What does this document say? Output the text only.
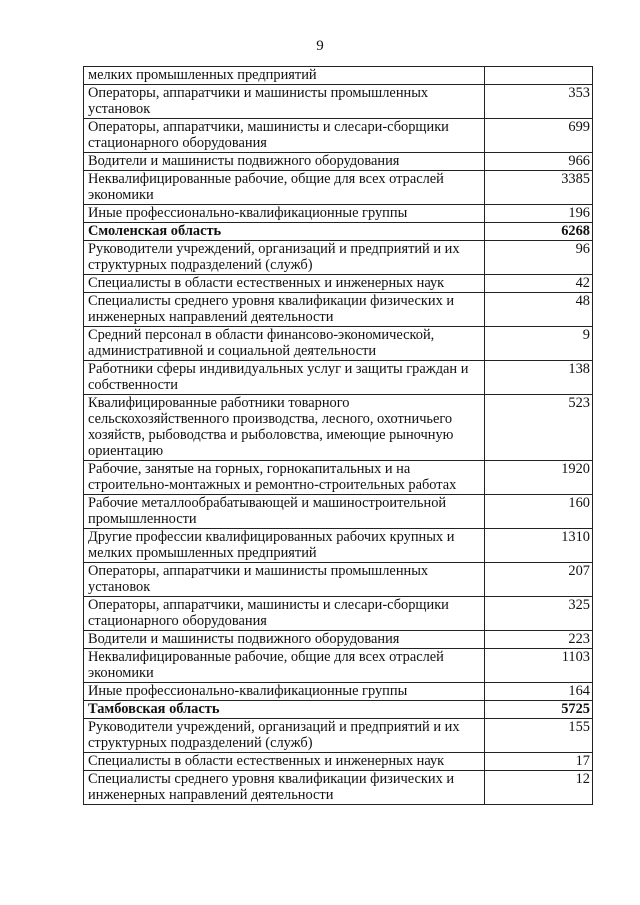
9
мелких промышленных предприятий	
Операторы, аппаратчики и машинисты промышленных установок	353
Операторы, аппаратчики, машинисты и слесари-сборщики стационарного оборудования	699
Водители и машинисты подвижного оборудования	966
Неквалифицированные рабочие, общие для всех отраслей экономики	3385
Иные профессионально-квалификационные группы	196
Смоленская область	6268
Руководители учреждений, организаций и предприятий и их структурных подразделений (служб)	96
Специалисты в области естественных и инженерных наук	42
Специалисты среднего уровня квалификации физических и инженерных направлений деятельности	48
Средний персонал в области финансово-экономической, административной и социальной деятельности	9
Работники сферы индивидуальных услуг и защиты граждан и собственности	138
Квалифицированные работники товарного сельскохозяйственного производства, лесного, охотничьего хозяйств, рыбоводства и рыболовства, имеющие рыночную ориентацию	523
Рабочие, занятые на горных, горнокапитальных и на строительно-монтажных и ремонтно-строительных работах	1920
Рабочие металлообрабатывающей и машиностроительной промышленности	160
Другие профессии квалифицированных рабочих крупных и мелких промышленных предприятий	1310
Операторы, аппаратчики и машинисты промышленных установок	207
Операторы, аппаратчики, машинисты и слесари-сборщики стационарного оборудования	325
Водители и машинисты подвижного оборудования	223
Неквалифицированные рабочие, общие для всех отраслей экономики	1103
Иные профессионально-квалификационные группы	164
Тамбовская область	5725
Руководители учреждений, организаций и предприятий и их структурных подразделений (служб)	155
Специалисты в области естественных и инженерных наук	17
Специалисты среднего уровня квалификации физических и инженерных направлений деятельности	12
